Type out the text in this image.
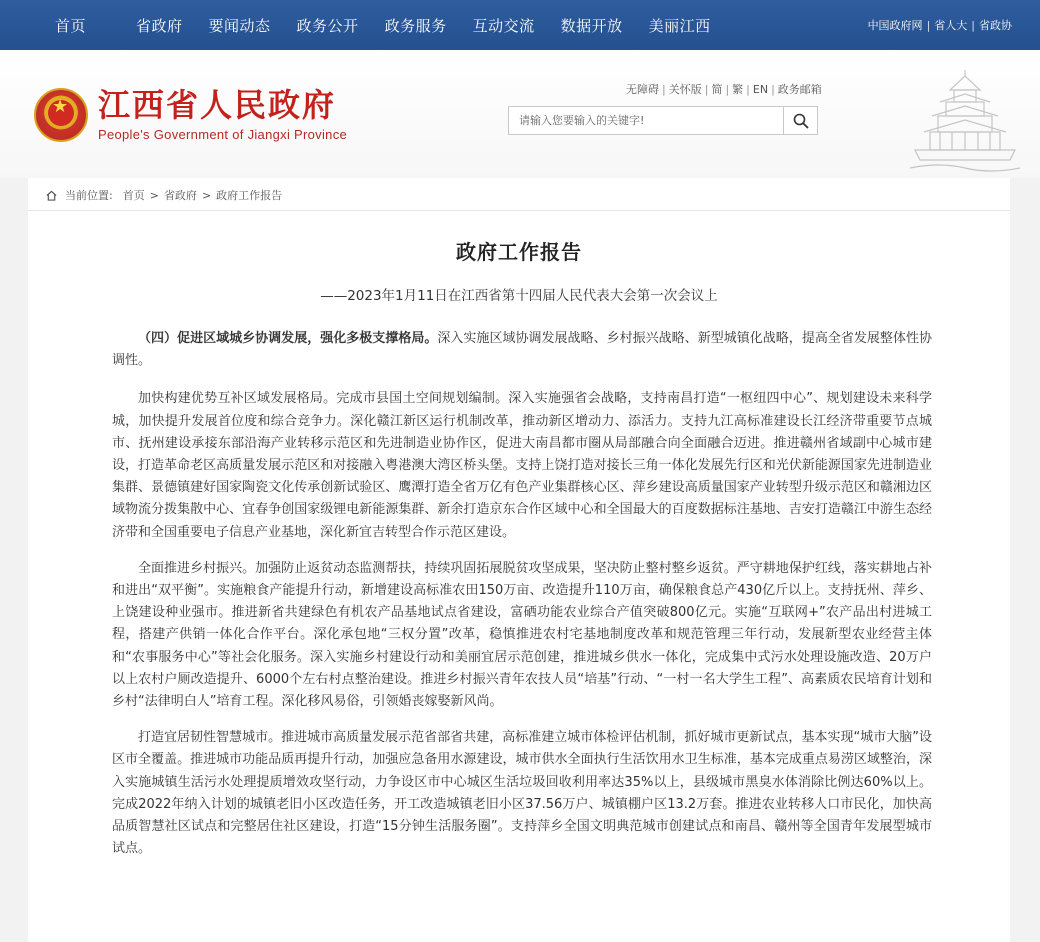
首页	省政府	要闻动态	政务公开	政务服务	互动交流	数据开放	美丽江西	中国政府网 | 省人大 | 省政协
★ 江西省人民政府
People's Government of Jiangxi Province
无障碍 | 关怀版 | 简 | 繁 | EN | 政务邮箱
请输入您要输入的关键字!
当前位置: 首页 > 省政府 > 政府工作报告
政府工作报告
——2023年1月11日在江西省第十四届人民代表大会第一次会议上

（四）促进区域城乡协调发展，强化多极支撑格局。深入实施区域协调发展战略、乡村振兴战略、新型城镇化战略，提高全省发展整体性协调性。

加快构建优势互补区域发展格局。完成市县国土空间规划编制。深入实施强省会战略，支持南昌打造“一枢纽四中心”、规划建设未来科学城，加快提升发展首位度和综合竞争力。深化赣江新区运行机制改革，推动新区增动力、添活力。支持九江高标准建设长江经济带重要节点城市、抚州建设承接东部沿海产业转移示范区和先进制造业协作区，促进大南昌都市圈从局部融合向全面融合迈进。推进赣州省域副中心城市建设，打造革命老区高质量发展示范区和对接融入粤港澳大湾区桥头堡。支持上饶打造对接长三角一体化发展先行区和光伏新能源国家先进制造业集群、景德镇建好国家陶瓷文化传承创新试验区、鹰潭打造全省万亿有色产业集群核心区、萍乡建设高质量国家产业转型升级示范区和赣湘边区域物流分拨集散中心、宜春争创国家级锂电新能源集群、新余打造京东合作区域中心和全国最大的百度数据标注基地、吉安打造赣江中游生态经济带和全国重要电子信息产业基地，深化新宜吉转型合作示范区建设。

全面推进乡村振兴。加强防止返贫动态监测帮扶，持续巩固拓展脱贫攻坚成果，坚决防止整村整乡返贫。严守耕地保护红线，落实耕地占补和进出“双平衡”。实施粮食产能提升行动，新增建设高标准农田150万亩、改造提升110万亩，确保粮食总产430亿斤以上。支持抚州、萍乡、上饶建设种业强市。推进新省共建绿色有机农产品基地试点省建设，富硒功能农业综合产值突破800亿元。实施“互联网+”农产品出村进城工程，搭建产供销一体化合作平台。深化承包地“三权分置”改革，稳慎推进农村宅基地制度改革和规范管理三年行动，发展新型农业经营主体和“农事服务中心”等社会化服务。深入实施乡村建设行动和美丽宜居示范创建，推进城乡供水一体化，完成集中式污水处理设施改造、20万户以上农村户厕改造提升、6000个左右村点整治建设。推进乡村振兴青年农技人员“培基”行动、“一村一名大学生工程”、高素质农民培育计划和乡村“法律明白人”培育工程。深化移风易俗，引领婚丧嫁娶新风尚。

打造宜居韧性智慧城市。推进城市高质量发展示范省部省共建，高标准建立城市体检评估机制，抓好城市更新试点，基本实现“城市大脑”设区市全覆盖。推进城市功能品质再提升行动，加强应急备用水源建设，城市供水全面执行生活饮用水卫生标准，基本完成重点易涝区域整治，深入实施城镇生活污水处理提质增效攻坚行动，力争设区市中心城区生活垃圾回收利用率达35%以上，县级城市黑臭水体消除比例达60%以上。完成2022年纳入计划的城镇老旧小区改造任务，开工改造城镇老旧小区37.56万户、城镇棚户区13.2万套。推进农业转移人口市民化，加快高品质智慧社区试点和完整居住社区建设，打造“15分钟生活服务圈”。支持萍乡全国文明典范城市创建试点和南昌、赣州等全国青年发展型城市试点。
